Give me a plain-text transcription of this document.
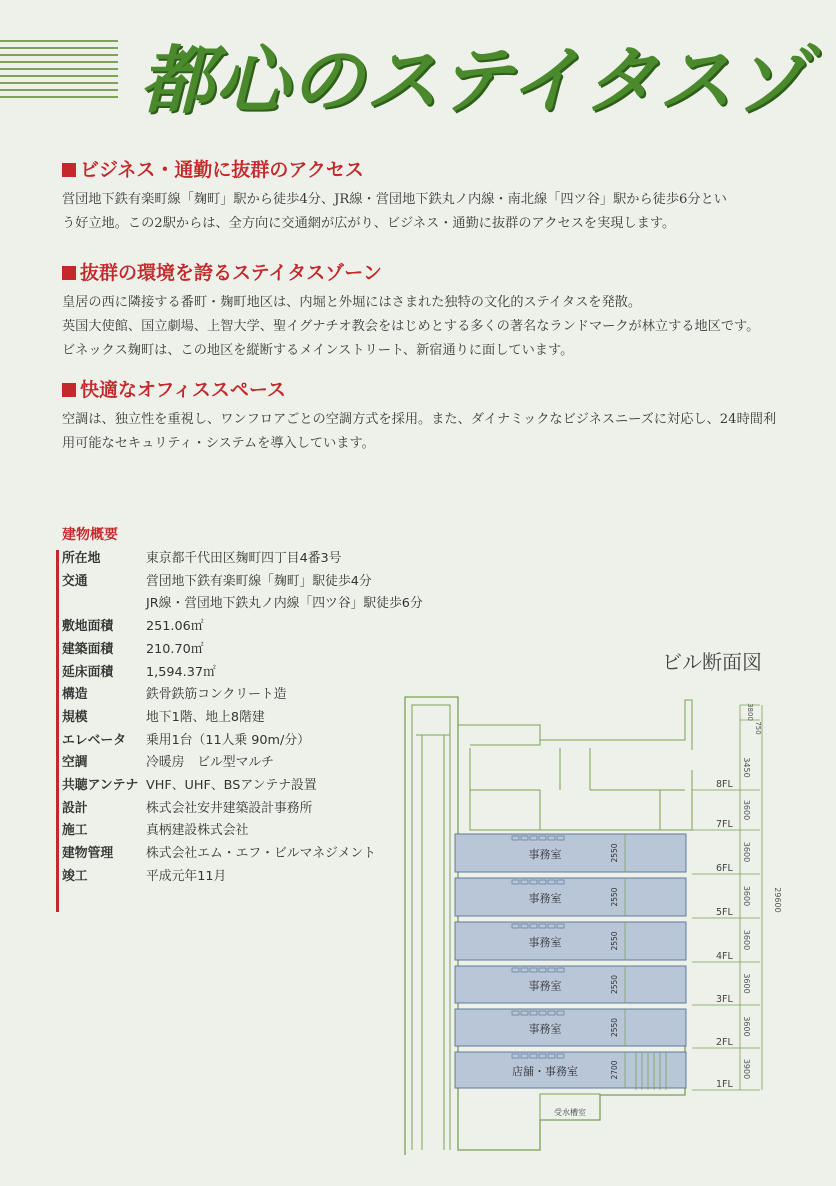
都心のステイタスゾ
ビジネス・通勤に抜群のアクセス

営団地下鉄有楽町線「麹町」駅から徒歩4分、JR線・営団地下鉄丸ノ内線・南北線「四ツ谷」駅から徒歩6分とい
う好立地。この2駅からは、全方向に交通網が広がり、ビジネス・通勤に抜群のアクセスを実現します。

抜群の環境を誇るステイタスゾーン

皇居の西に隣接する番町・麹町地区は、内堀と外堀にはさまれた独特の文化的ステイタスを発散。
英国大使館、国立劇場、上智大学、聖イグナチオ教会をはじめとする多くの著名なランドマークが林立する地区です。
ビネックス麹町は、この地区を縦断するメインストリート、新宿通りに面しています。

快適なオフィススペース

空調は、独立性を重視し、ワンフロアごとの空調方式を採用。また、ダイナミックなビジネスニーズに対応し、24時間利
用可能なセキュリティ・システムを導入しています。

建物概要
所在地	東京都千代田区麹町四丁目4番3号
交通	営団地下鉄有楽町線「麹町」駅徒歩4分
JR線・営団地下鉄丸ノ内線「四ツ谷」駅徒歩6分
敷地面積	251.06㎡
建築面積	210.70㎡
延床面積	1,594.37㎡
構造	鉄骨鉄筋コンクリート造
規模	地下1階、地上8階建
エレベータ	乗用1台（11人乗 90m/分）
空調	冷暖房　ビル型マルチ
共聴アンテナ VHF、UHF、BSアンテナ設置
設計	株式会社安井建築設計事務所
施工	真柄建設株式会社
建物管理	株式会社エム・エフ・ビルマネジメント
竣工	平成元年11月
ビル断面図
8FL
3450
7FL
3600
6FL
3600
事務室	2550
5FL
3600
事務室	2550
4FL
3600
事務室	2550
3FL
3600
事務室	2550
2FL
3600
事務室	2550
1FL
3900
店舗・事務室	2700
29600
3800
750
受水槽室
